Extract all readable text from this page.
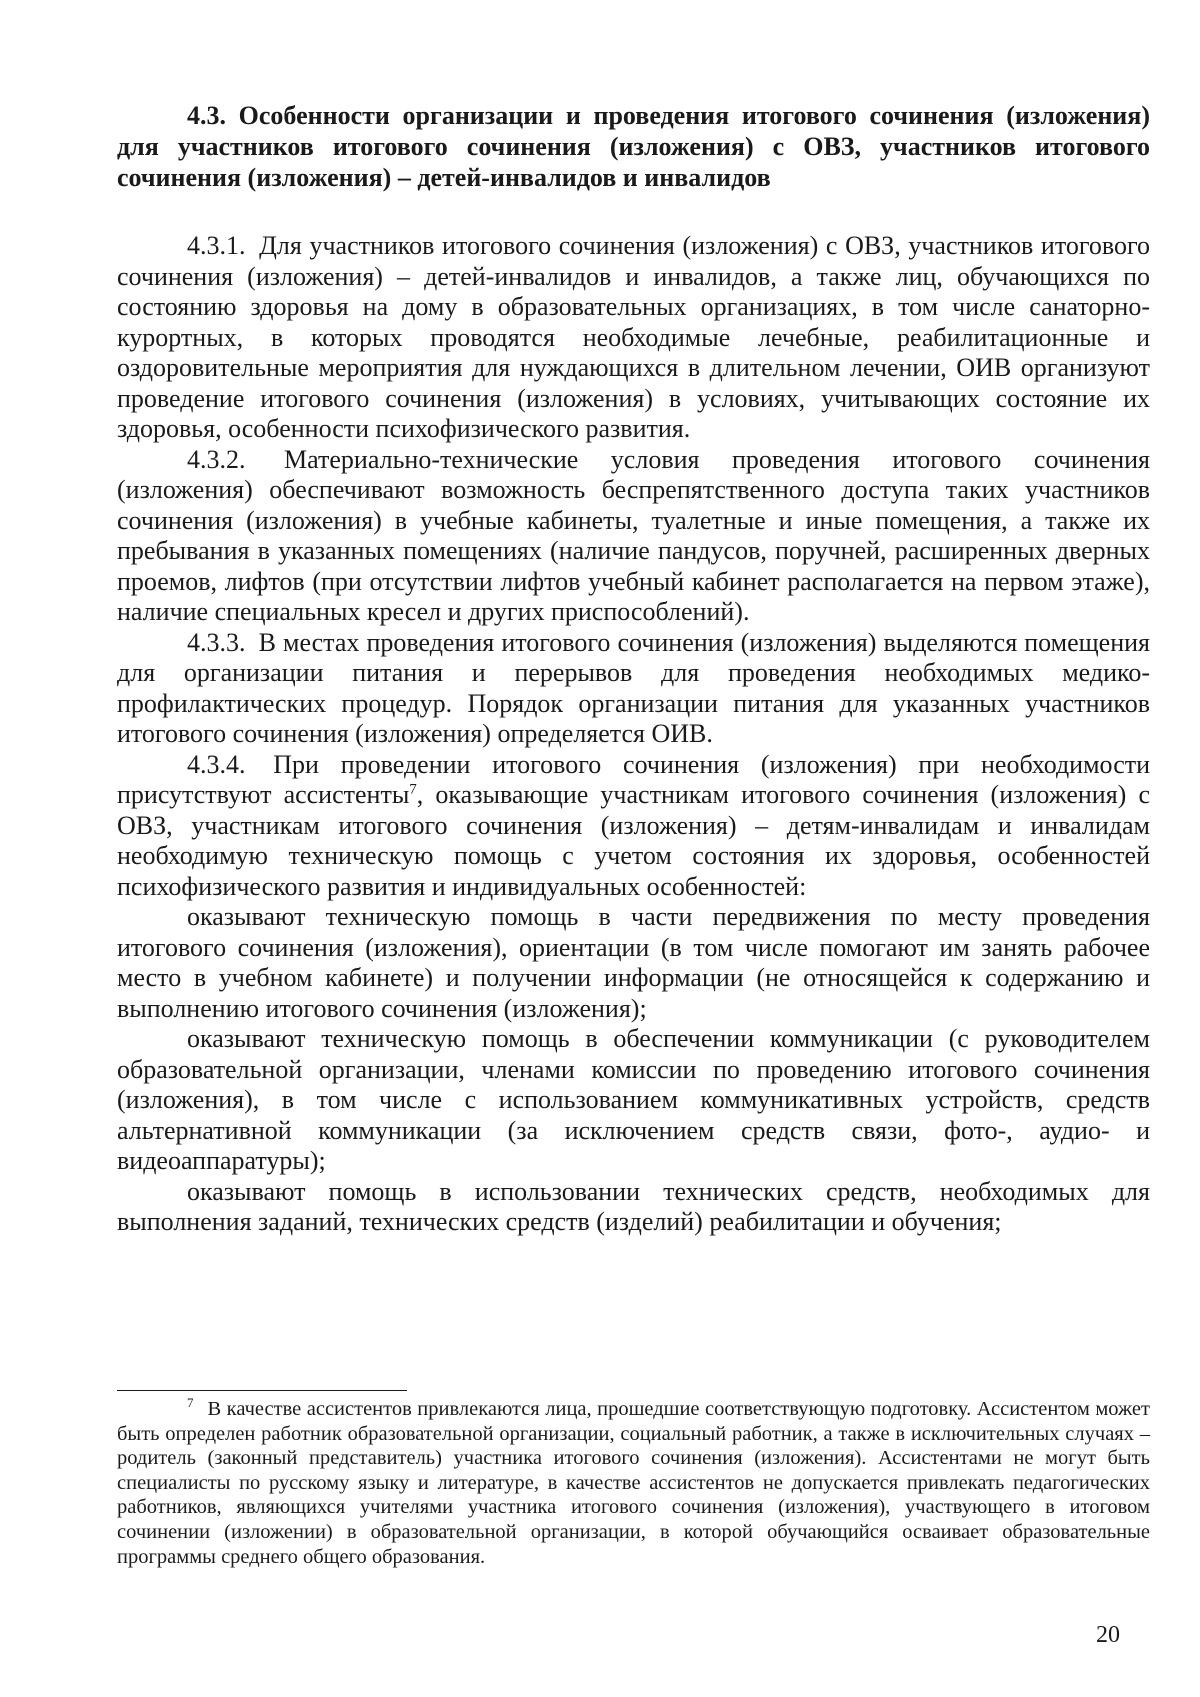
4.3. Особенности организации и проведения итогового сочинения (изложения) для участников итогового сочинения (изложения) с ОВЗ, участников итогового сочинения (изложения) – детей-инвалидов и инвалидов

4.3.1. Для участников итогового сочинения (изложения) с ОВЗ, участников итогового сочинения (изложения) – детей-инвалидов и инвалидов, а также лиц, обучающихся по состоянию здоровья на дому в образовательных организациях, в том числе санаторно-курортных, в которых проводятся необходимые лечебные, реабилитационные и оздоровительные мероприятия для нуждающихся в длительном лечении, ОИВ организуют проведение итогового сочинения (изложения) в условиях, учитывающих состояние их здоровья, особенности психофизического развития.

4.3.2. Материально-технические условия проведения итогового сочинения (изложения) обеспечивают возможность беспрепятственного доступа таких участников сочинения (изложения) в учебные кабинеты, туалетные и иные помещения, а также их пребывания в указанных помещениях (наличие пандусов, поручней, расширенных дверных проемов, лифтов (при отсутствии лифтов учебный кабинет располагается на первом этаже), наличие специальных кресел и других приспособлений).

4.3.3. В местах проведения итогового сочинения (изложения) выделяются помещения для организации питания и перерывов для проведения необходимых медико-профилактических процедур. Порядок организации питания для указанных участников итогового сочинения (изложения) определяется ОИВ.

4.3.4. При проведении итогового сочинения (изложения) при необходимости присутствуют ассистенты$^7$, оказывающие участникам итогового сочинения (изложения) с ОВЗ, участникам итогового сочинения (изложения) – детям-инвалидам и инвалидам необходимую техническую помощь с учетом состояния их здоровья, особенностей психофизического развития и индивидуальных особенностей:

оказывают техническую помощь в части передвижения по месту проведения итогового сочинения (изложения), ориентации (в том числе помогают им занять рабочее место в учебном кабинете) и получении информации (не относящейся к содержанию и выполнению итогового сочинения (изложения);

оказывают техническую помощь в обеспечении коммуникации (с руководителем образовательной организации, членами комиссии по проведению итогового сочинения (изложения), в том числе с использованием коммуникативных устройств, средств альтернативной коммуникации (за исключением средств связи, фото-, аудио- и видеоаппаратуры);

оказывают помощь в использовании технических средств, необходимых для выполнения заданий, технических средств (изделий) реабилитации и обучения;

$^7$ В качестве ассистентов привлекаются лица, прошедшие соответствующую подготовку. Ассистентом может быть определен работник образовательной организации, социальный работник, а также в исключительных случаях – родитель (законный представитель) участника итогового сочинения (изложения). Ассистентами не могут быть специалисты по русскому языку и литературе, в качестве ассистентов не допускается привлекать педагогических работников, являющихся учителями участника итогового сочинения (изложения), участвующего в итоговом сочинении (изложении) в образовательной организации, в которой обучающийся осваивает образовательные программы среднего общего образования.

20
